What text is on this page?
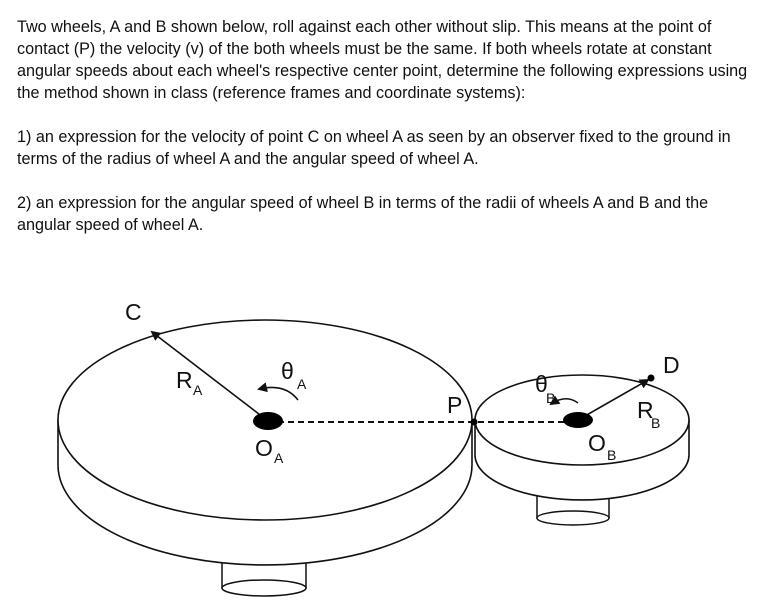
Two wheels, A and B shown below, roll against each other without slip. This means at the point of contact (P) the velocity (v) of the both wheels must be the same. If both wheels rotate at constant angular speeds about each wheel's respective center point, determine the following expressions using the method shown in class (reference frames and coordinate systems):

1) an expression for the velocity of point C on wheel A as seen by an observer fixed to the ground in terms of the radius of wheel A and the angular speed of wheel A.

2) an expression for the angular speed of wheel B in terms of the radii of wheels A and B and the angular speed of wheel A.

C
D
P
R A
R
B
θ A	θ
B
O A
O B
